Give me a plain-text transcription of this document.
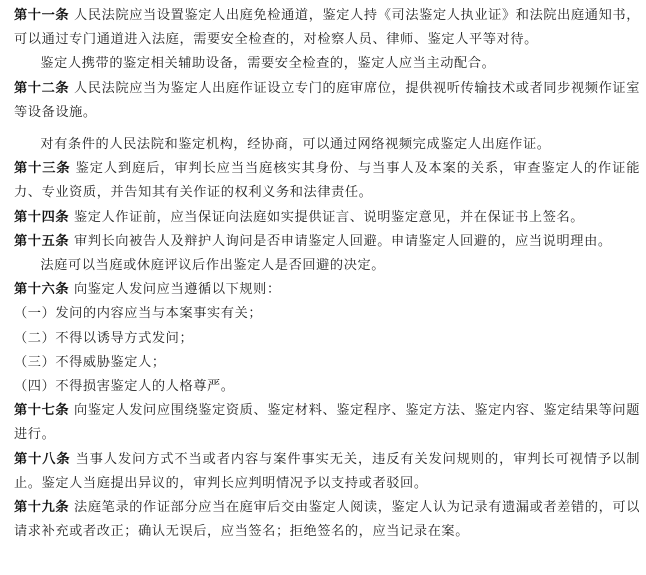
第十一条 人民法院应当设置鉴定人出庭免检通道，鉴定人持《司法鉴定人执业证》和法院出庭通知书，可以通过专门通道进入法庭，需要安全检查的，对检察人员、律师、鉴定人平等对待。

鉴定人携带的鉴定相关辅助设备，需要安全检查的，鉴定人应当主动配合。

第十二条 人民法院应当为鉴定人出庭作证设立专门的庭审席位，提供视听传输技术或者同步视频作证室等设备设施。

对有条件的人民法院和鉴定机构，经协商，可以通过网络视频完成鉴定人出庭作证。

第十三条 鉴定人到庭后，审判长应当当庭核实其身份、与当事人及本案的关系，审查鉴定人的作证能力、专业资质，并告知其有关作证的权利义务和法律责任。

第十四条 鉴定人作证前，应当保证向法庭如实提供证言、说明鉴定意见，并在保证书上签名。

第十五条 审判长向被告人及辩护人询问是否申请鉴定人回避。申请鉴定人回避的，应当说明理由。

法庭可以当庭或休庭评议后作出鉴定人是否回避的决定。

第十六条 向鉴定人发问应当遵循以下规则：

（一）发问的内容应当与本案事实有关；

（二）不得以诱导方式发问；

（三）不得威胁鉴定人；

（四）不得损害鉴定人的人格尊严。

第十七条 向鉴定人发问应围绕鉴定资质、鉴定材料、鉴定程序、鉴定方法、鉴定内容、鉴定结果等问题进行。

第十八条 当事人发问方式不当或者内容与案件事实无关，违反有关发问规则的，审判长可视情予以制止。鉴定人当庭提出异议的，审判长应判明情况予以支持或者驳回。

第十九条 法庭笔录的作证部分应当在庭审后交由鉴定人阅读，鉴定人认为记录有遗漏或者差错的，可以请求补充或者改正；确认无误后，应当签名；拒绝签名的，应当记录在案。
